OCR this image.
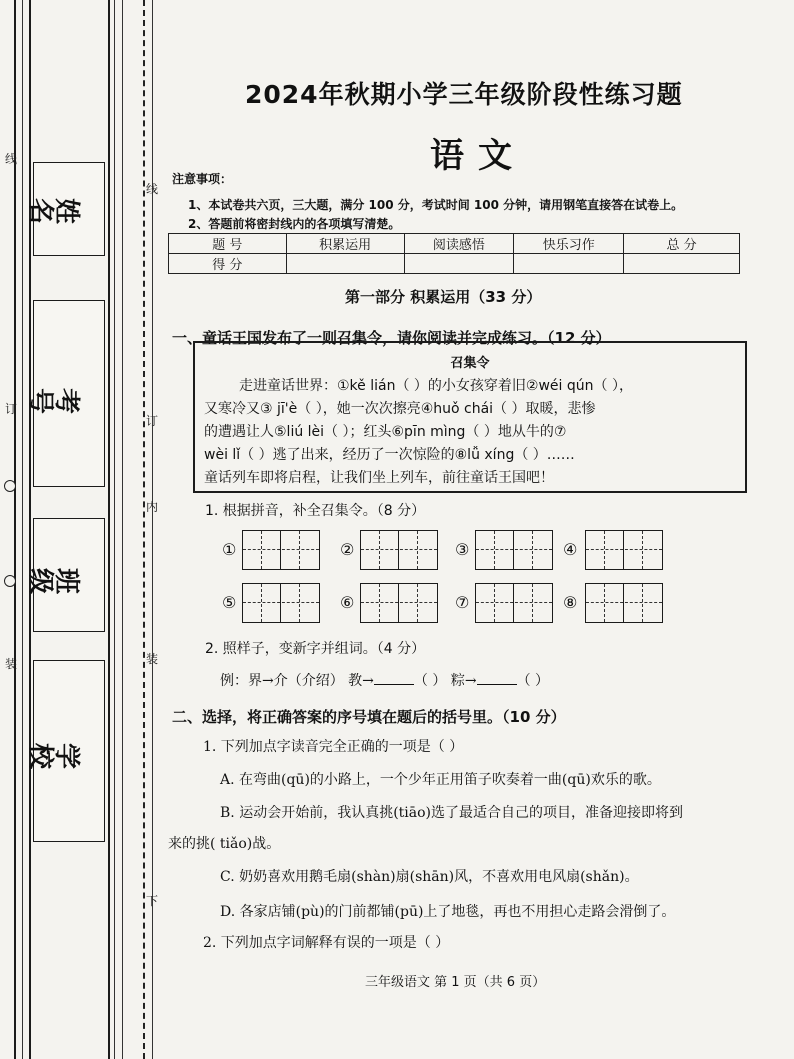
线
订
装
线
订
装
内
下
姓名
考号
班级
学校
2024年秋期小学三年级阶段性练习题
语文
注意事项：
1、本试卷共六页，三大题，满分 100 分，考试时间 100 分钟，请用钢笔直接答在试卷上。
2、答题前将密封线内的各项填写清楚。
题 号	积累运用	阅读感悟	快乐习作	总 分
得 分				
第一部分 积累运用（33 分）
一、童话王国发布了一则召集令，请你阅读并完成练习。（12 分）
召集令
走进童话世界：①kě lián（ ）的小女孩穿着旧②wéi qún（ ），
又寒冷又③ jī'è（ ），她一次次擦亮④huǒ chái（ ）取暖，悲惨
的遭遇让人⑤liú lèi（ ）；红头⑥pīn mìng（ ）地从牛的⑦
wèi lǐ（ ）逃了出来，经历了一次惊险的⑧lǚ xíng（ ）……
童话列车即将启程，让我们坐上列车，前往童话王国吧！
1. 根据拼音，补全召集令。（8 分）
①	②	③	④
⑤	⑥	⑦	⑧
2. 照样子，变新字并组词。（4 分）
例：界→介（介绍） 教→	（ ） 粽→	（ ）
二、选择，将正确答案的序号填在题后的括号里。（10 分）
1. 下列加点字读音完全正确的一项是（ ）
A. 在弯曲(qū)的小路上，一个少年正用笛子吹奏着一曲(qū)欢乐的歌。
B. 运动会开始前，我认真挑(tiāo)选了最适合自己的项目，准备迎接即将到
来的挑( tiǎo)战。
C. 奶奶喜欢用鹅毛扇(shàn)扇(shān)风，不喜欢用电风扇(shǎn)。
D. 各家店铺(pù)的门前都铺(pū)上了地毯，再也不用担心走路会滑倒了。
2. 下列加点字词解释有误的一项是（ ）
三年级语文 第 1 页（共 6 页）
